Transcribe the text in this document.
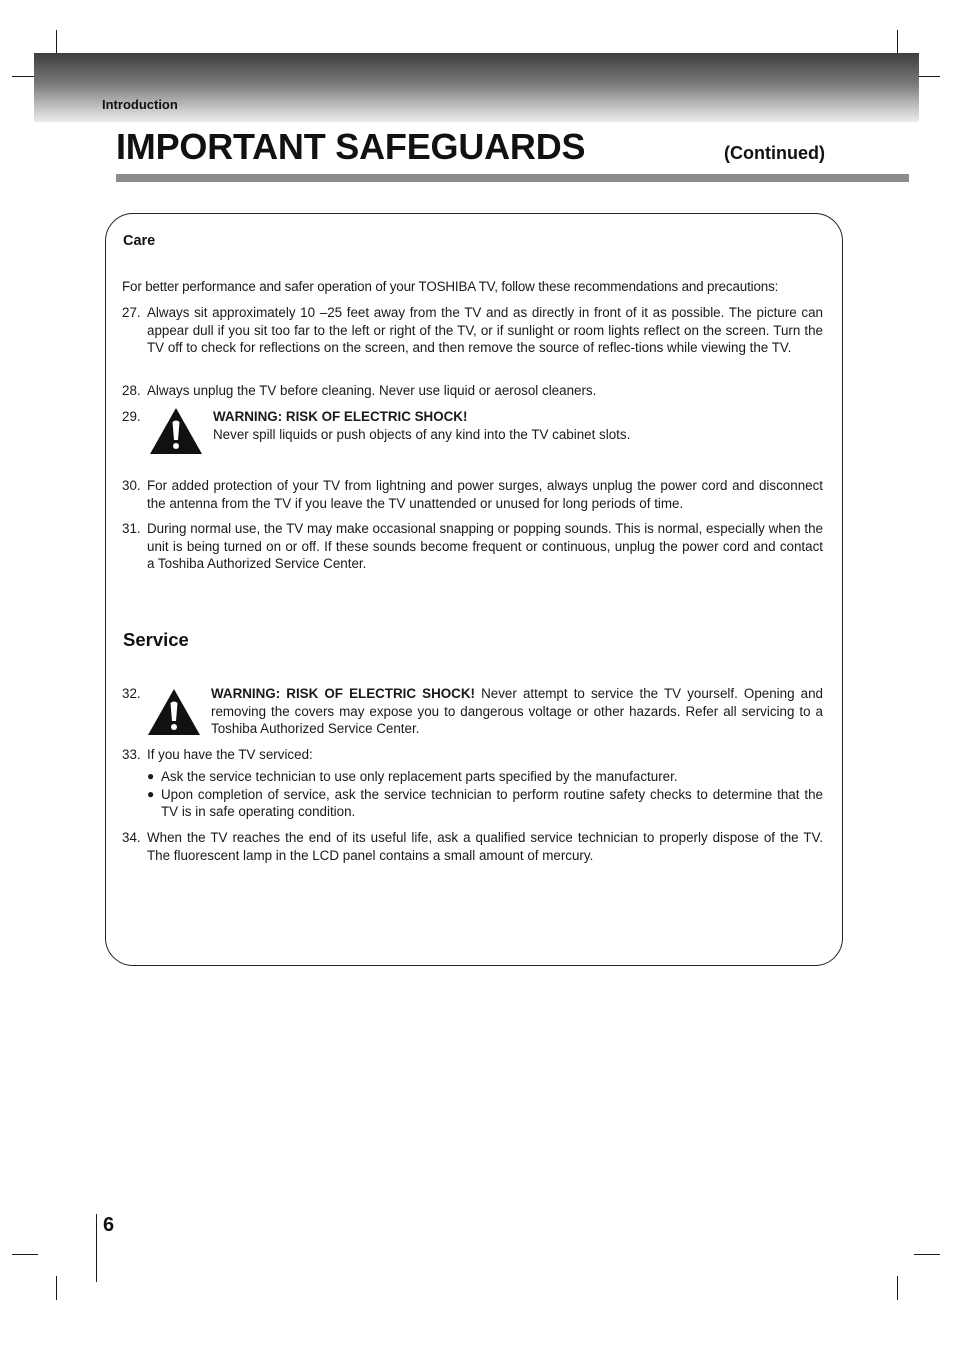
Introduction
IMPORTANT SAFEGUARDS	(Continued)
Care
For better performance and safer operation of your TOSHIBA TV, follow these recommendations and precautions:
27. Always sit approximately 10 –25 feet away from the TV and as directly in front of it as possible. The picture can appear dull if you sit too far to the left or right of the TV, or if sunlight or room lights reflect on the screen. Turn the TV off to check for reflections on the screen, and then remove the source of reflec-tions while viewing the TV.
28. Always unplug the TV before cleaning. Never use liquid or aerosol cleaners.
29.	WARNING: RISK OF ELECTRIC SHOCK!
Never spill liquids or push objects of any kind into the TV cabinet slots.
30. For added protection of your TV from lightning and power surges, always unplug the power cord and disconnect the antenna from the TV if you leave the TV unattended or unused for long periods of time.
31. During normal use, the TV may make occasional snapping or popping sounds. This is normal, especially when the unit is being turned on or off. If these sounds become frequent or continuous, unplug the power cord and contact a Toshiba Authorized Service Center.
Service
32.	WARNING: RISK OF ELECTRIC SHOCK! Never attempt to service the TV yourself. Opening and removing the covers may expose you to dangerous voltage or other hazards. Refer all servicing to a Toshiba Authorized Service Center.
33. If you have the TV serviced:
● Ask the service technician to use only replacement parts specified by the manufacturer.
● Upon completion of service, ask the service technician to perform routine safety checks to determine that the TV is in safe operating condition.
34. When the TV reaches the end of its useful life, ask a qualified service technician to properly dispose of the TV. The fluorescent lamp in the LCD panel contains a small amount of mercury.
6
